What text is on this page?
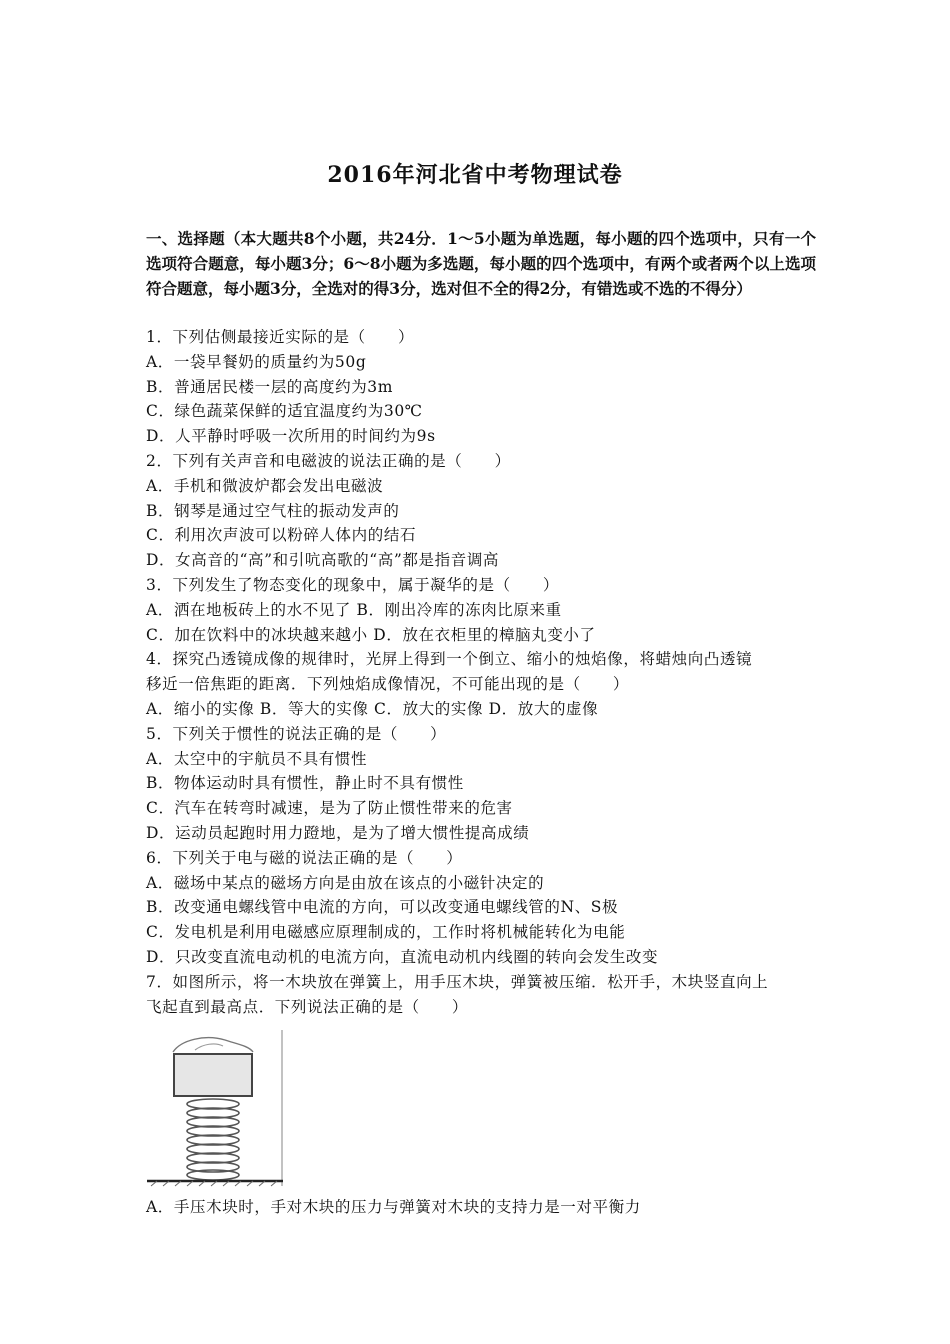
2016年河北省中考物理试卷
一、选择题（本大题共8个小题，共24分．1～5小题为单选题，每小题的四个选项中，只有一个选项符合题意，每小题3分；6～8小题为多选题，每小题的四个选项中，有两个或者两个以上选项符合题意，每小题3分，全选对的得3分，选对但不全的得2分，有错选或不选的不得分）
1．下列估侧最接近实际的是（　　）
A．一袋早餐奶的质量约为50g
B．普通居民楼一层的高度约为3m
C．绿色蔬菜保鲜的适宜温度约为30℃
D．人平静时呼吸一次所用的时间约为9s
2．下列有关声音和电磁波的说法正确的是（　　）
A．手机和微波炉都会发出电磁波
B．钢琴是通过空气柱的振动发声的
C．利用次声波可以粉碎人体内的结石
D．女高音的“高”和引吭高歌的“高”都是指音调高
3．下列发生了物态变化的现象中，属于凝华的是（　　）
A．洒在地板砖上的水不见了 B．刚出冷库的冻肉比原来重
C．加在饮料中的冰块越来越小 D．放在衣柜里的樟脑丸变小了
4．探究凸透镜成像的规律时，光屏上得到一个倒立、缩小的烛焰像，将蜡烛向凸透镜
移近一倍焦距的距离．下列烛焰成像情况，不可能出现的是（　　）
A．缩小的实像 B．等大的实像 C．放大的实像 D．放大的虚像
5．下列关于惯性的说法正确的是（　　）
A．太空中的宇航员不具有惯性
B．物体运动时具有惯性，静止时不具有惯性
C．汽车在转弯时减速，是为了防止惯性带来的危害
D．运动员起跑时用力蹬地，是为了增大惯性提高成绩
6．下列关于电与磁的说法正确的是（　　）
A．磁场中某点的磁场方向是由放在该点的小磁针决定的
B．改变通电螺线管中电流的方向，可以改变通电螺线管的N、S极
C．发电机是利用电磁感应原理制成的，工作时将机械能转化为电能
D．只改变直流电动机的电流方向，直流电动机内线圈的转向会发生改变
7．如图所示，将一木块放在弹簧上，用手压木块，弹簧被压缩．松开手，木块竖直向上
飞起直到最高点．下列说法正确的是（　　）
A．手压木块时，手对木块的压力与弹簧对木块的支持力是一对平衡力
